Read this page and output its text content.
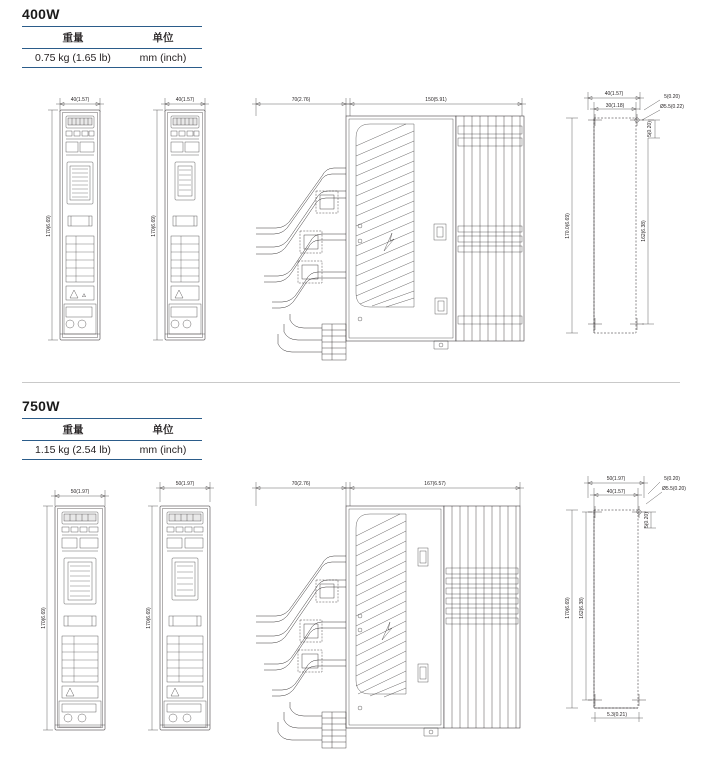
400W
重量	单位
0.75 kg (1.65 lb)	mm (inch)
40(1.57)
170(6.69)
⚠
40(1.57)
170(6.69)
70(2.76)	150(5.91)
40(1.57)
30(1.18)
5(0.20)
Ø5.5(0.22)
5(0.20)
170.0(6.69)	162(6.38)
750W
重量	单位
1.15 kg (2.54 lb)	mm (inch)
50(1.97)
170(6.69)
50(1.97)
170(6.69)
70(2.76)	167(6.57)
50(1.97)
40(1.57)
5(0.20)
Ø5.5(0.20)
5(0.20)
170(6.69) 162(6.38)
5.3(0.21)
